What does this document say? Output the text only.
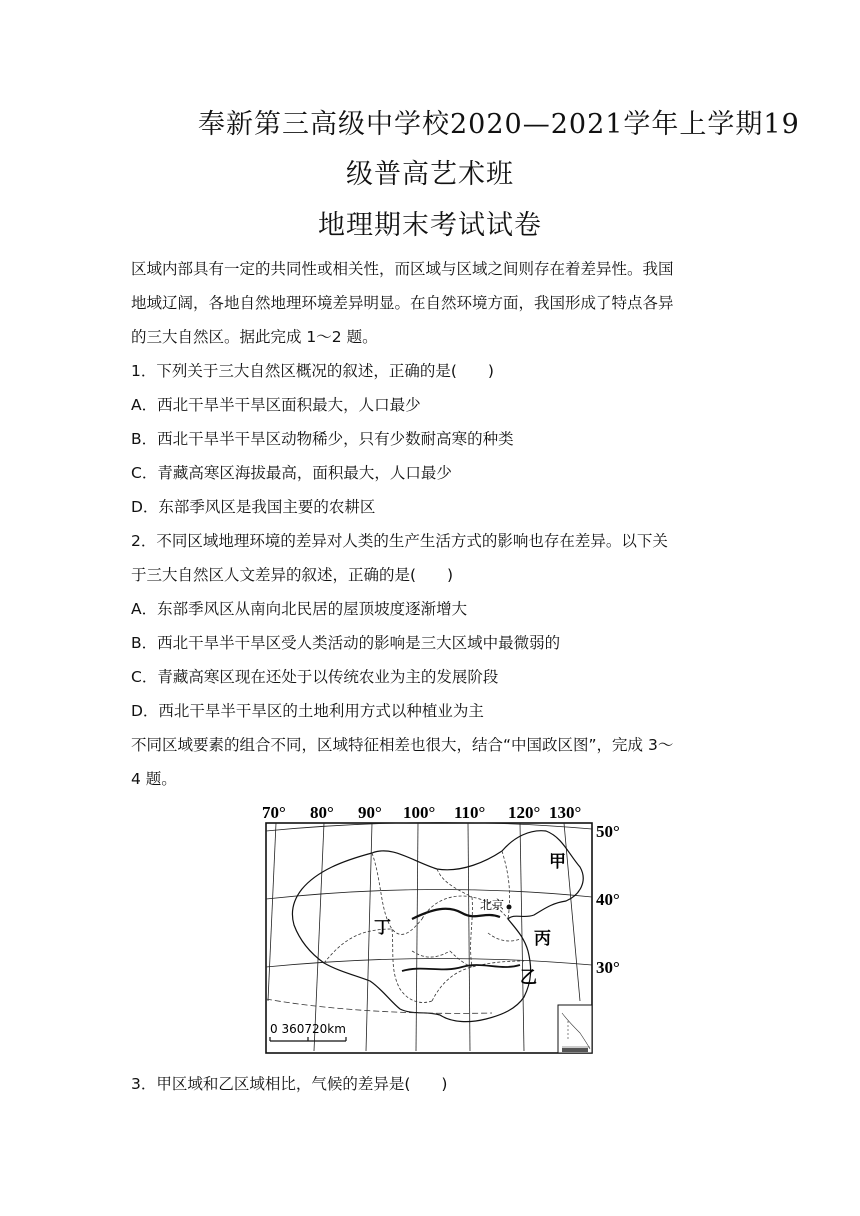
奉新第三高级中学校2020—2021学年上学期19
级普高艺术班
地理期末考试试卷
区域内部具有一定的共同性或相关性，而区域与区域之间则存在着差异性。我国
地域辽阔，各地自然地理环境差异明显。在自然环境方面，我国形成了特点各异
的三大自然区。据此完成 1～2 题。
1．下列关于三大自然区概况的叙述，正确的是(　　)
A．西北干旱半干旱区面积最大，人口最少
B．西北干旱半干旱区动物稀少，只有少数耐高寒的种类
C．青藏高寒区海拔最高，面积最大，人口最少
D．东部季风区是我国主要的农耕区
2．不同区域地理环境的差异对人类的生产生活方式的影响也存在差异。以下关
于三大自然区人文差异的叙述，正确的是(　　)
A．东部季风区从南向北民居的屋顶坡度逐渐增大
B．西北干旱半干旱区受人类活动的影响是三大区域中最微弱的
C．青藏高寒区现在还处于以传统农业为主的发展阶段
D．西北干旱半干旱区的土地利用方式以种植业为主
不同区域要素的组合不同，区域特征相差也很大，结合“中国政区图”，完成 3～
4 题。
70° 80° 90° 100° 110° 120° 130°
50°
40°
30°
甲
丙
乙
丁
北京
0 360720km
3．甲区域和乙区域相比，气候的差异是(　　)
